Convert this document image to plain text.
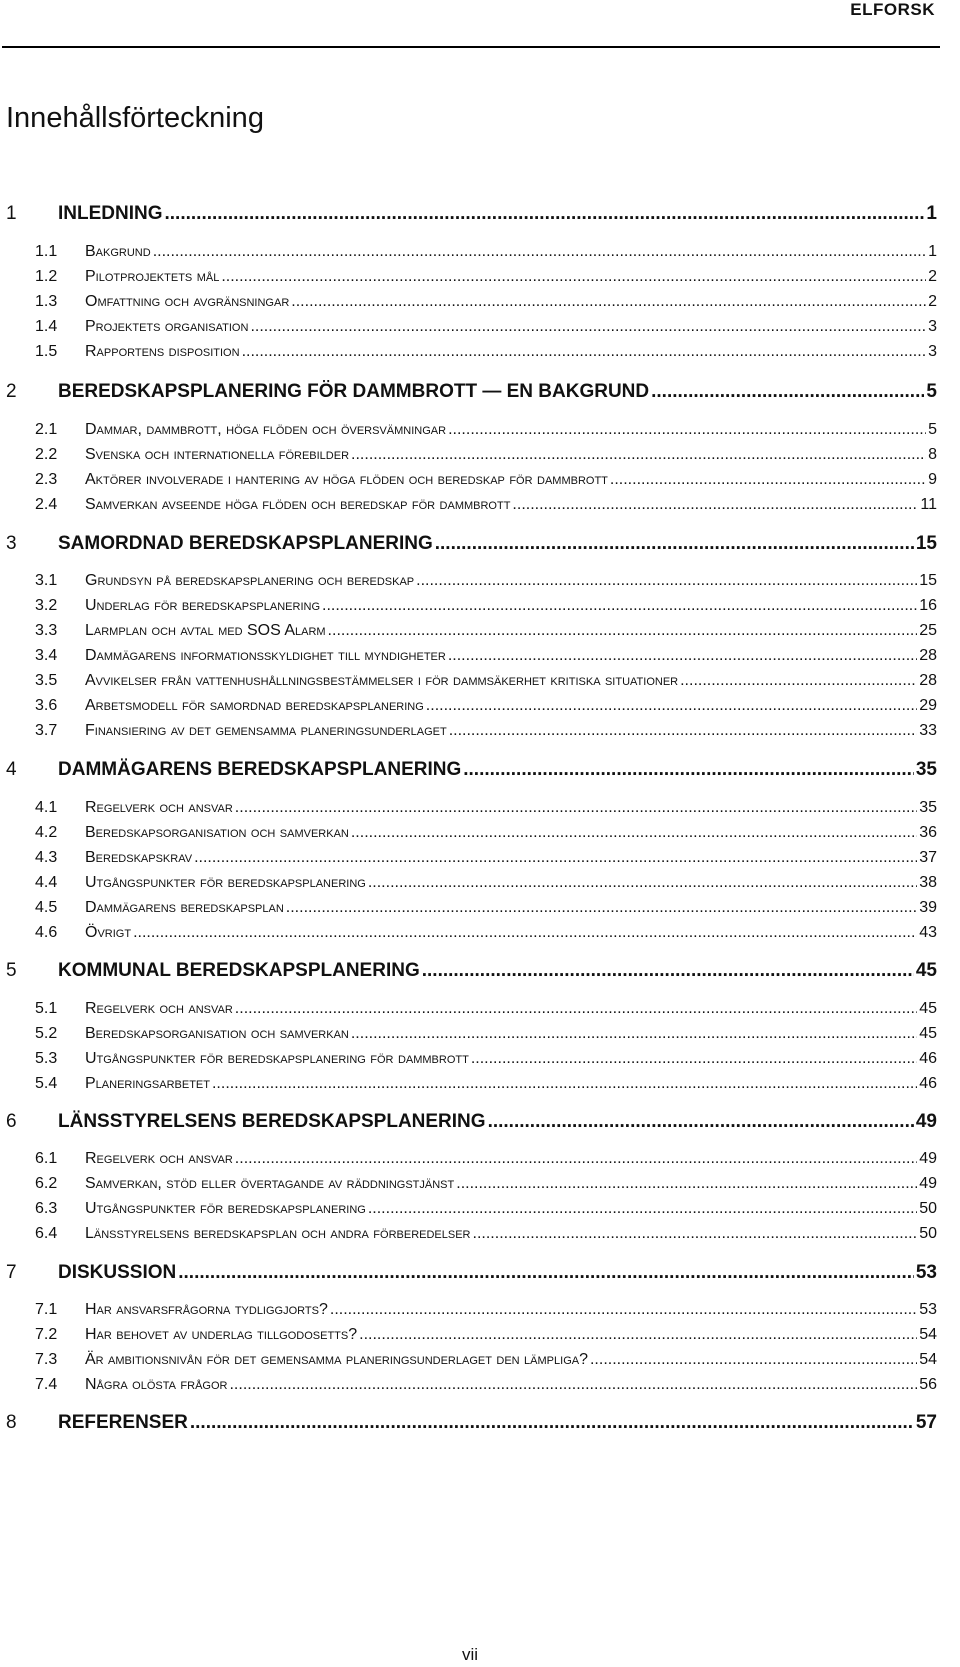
ELFORSK
Innehållsförteckning
1	INLEDNING .....	1
1.1	Bakgrund .....	1
1.2	Pilotprojektets mål .....	2
1.3	Omfattning och avgränsningar .....	2
1.4	Projektets organisation .....	3
1.5	Rapportens disposition .....	3
2	BEREDSKAPSPLANERING FÖR DAMMBROTT — EN BAKGRUND .....	5
2.1	Dammar, dammbrott, höga flöden och översvämningar .....	5
2.2	Svenska och internationella förebilder .....	8
2.3	Aktörer involverade i hantering av höga flöden och beredskap för dammbrott .....	9
2.4	Samverkan avseende höga flöden och beredskap för dammbrott .....	11
3	SAMORDNAD BEREDSKAPSPLANERING .....	15
3.1	Grundsyn på beredskapsplanering och beredskap .....	15
3.2	Underlag för beredskapsplanering .....	16
3.3	Larmplan och avtal med SOS Alarm .....	25
3.4	Dammägarens informationsskyldighet till myndigheter .....	28
3.5	Avvikelser från vattenhushållningsbestämmelser i för dammsäkerhet kritiska situationer .....	28
3.6	Arbetsmodell för samordnad beredskapsplanering .....	29
3.7	Finansiering av det gemensamma planeringsunderlaget .....	33
4	DAMMÄGARENS BEREDSKAPSPLANERING .....	35
4.1	Regelverk och ansvar .....	35
4.2	Beredskapsorganisation och samverkan .....	36
4.3	Beredskapskrav .....	37
4.4	Utgångspunkter för beredskapsplanering .....	38
4.5	Dammägarens beredskapsplan .....	39
4.6	Övrigt .....	43
5	KOMMUNAL BEREDSKAPSPLANERING .....	45
5.1	Regelverk och ansvar .....	45
5.2	Beredskapsorganisation och samverkan .....	45
5.3	Utgångspunkter för beredskapsplanering för dammbrott .....	46
5.4	Planeringsarbetet .....	46
6	LÄNSSTYRELSENS BEREDSKAPSPLANERING .....	49
6.1	Regelverk och ansvar .....	49
6.2	Samverkan, stöd eller övertagande av räddningstjänst .....	49
6.3	Utgångspunkter för beredskapsplanering .....	50
6.4	Länsstyrelsens beredskapsplan och andra förberedelser .....	50
7	DISKUSSION .....	53
7.1	Har ansvarsfrågorna tydliggjorts? .....	53
7.2	Har behovet av underlag tillgodosetts? .....	54
7.3	Är ambitionsnivån för det gemensamma planeringsunderlaget den lämpliga? .....	54
7.4	Några olösta frågor .....	56
8	REFERENSER .....	57
vii
